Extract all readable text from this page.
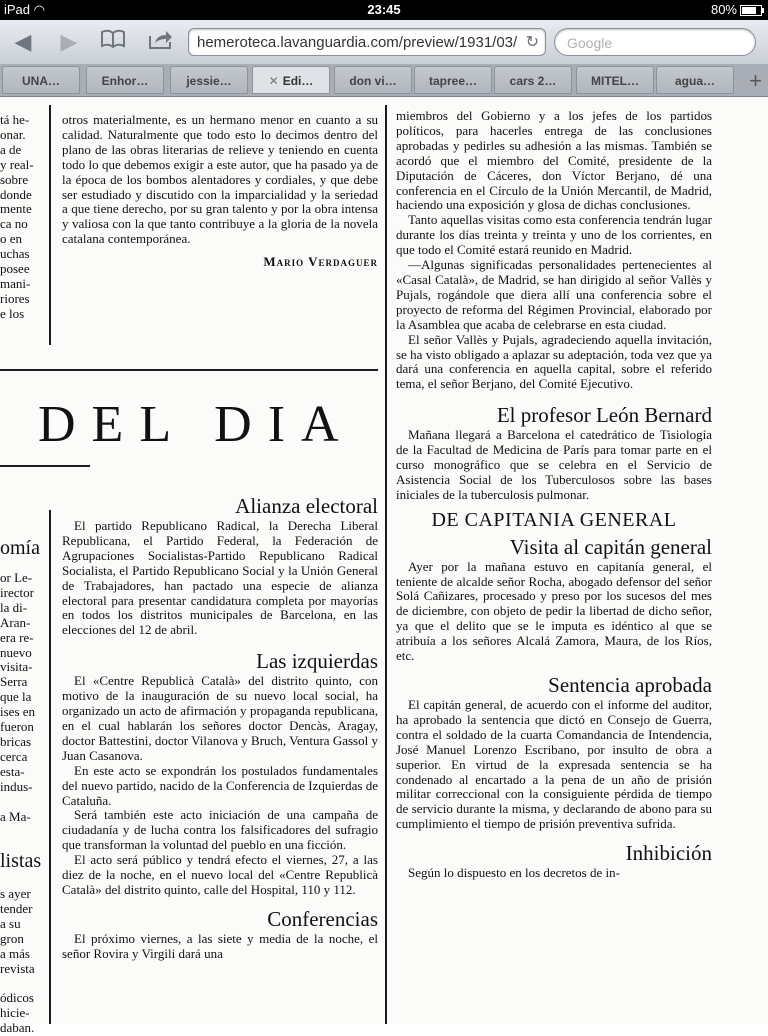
iPad ◠	23:45	80%
◀ ▶	hemeroteca.lavanguardia.com/preview/1931/03/ ↻	Google
UNA…	Enhor…	jessie…	✕ Edi…	don vi…	tapree…	cars 2…	MITEL…	agua…	+
tá he-
onar.
a de
y real-
sobre
donde
mente
ca no
o en
uchas
posee
mani-
riores
e los
omía
or Le-
irector
la di-
Aran-
era re-
nuevo
visita-
Serra
que la
ises en
fueron
bricas
cerca
esta-
indus-

a Ma-
listas
s ayer
tender
a su
gron
a más
revista

ódicos
hicie-
daban.

otros materialmente, es un hermano menor en cuanto a su calidad. Naturalmente que todo esto lo decimos dentro del plano de las obras literarias de relieve y teniendo en cuenta todo lo que debemos exigir a este autor, que ha pasado ya de la época de los bombos alentadores y cordiales, y que debe ser estudiado y discutido con la imparcialidad y la seriedad a que tiene derecho, por su gran talento y por la obra intensa y valiosa con la que tanto contribuye a la gloria de la novela catalana contemporánea.

Mario Verdaguer
DEL DIA
Alianza electoral

El partido Republicano Radical, la Derecha Liberal Republicana, el Partido Federal, la Federación de Agrupaciones Socialistas-Partido Republicano Radical Socialista, el Partido Republicano Social y la Unión General de Trabajadores, han pactado una especie de alianza electoral para presentar candidatura completa por mayorías en todos los distritos municipales de Barcelona, en las elecciones del 12 de abril.

Las izquierdas

El «Centre Republicà Català» del distrito quinto, con motivo de la inauguración de su nuevo local social, ha organizado un acto de afirmación y propaganda republicana, en el cual hablarán los señores doctor Dencàs, Aragay, doctor Battestini, doctor Vilanova y Bruch, Ventura Gassol y Juan Casanova.

En este acto se expondrán los postulados fundamentales del nuevo partido, nacido de la Conferencia de Izquierdas de Cataluña.

Será también este acto iniciación de una campaña de ciudadanía y de lucha contra los falsificadores del sufragio que transforman la voluntad del pueblo en una ficción.

El acto será público y tendrá efecto el viernes, 27, a las diez de la noche, en el nuevo local del «Centre Republicà Català» del distrito quinto, calle del Hospital, 110 y 112.

Conferencias

El próximo viernes, a las siete y media de la noche, el señor Rovira y Virgili dará una

miembros del Gobierno y a los jefes de los partidos políticos, para hacerles entrega de las conclusiones aprobadas y pedirles su adhesión a las mismas. También se acordó que el miembro del Comité, presidente de la Diputación de Cáceres, don Víctor Berjano, dé una conferencia en el Círculo de la Unión Mercantil, de Madrid, haciendo una exposición y glosa de dichas conclusiones.

Tanto aquellas visitas como esta conferencia tendrán lugar durante los días treinta y treinta y uno de los corrientes, en que todo el Comité estará reunido en Madrid.

—Algunas significadas personalidades pertenecientes al «Casal Català», de Madrid, se han dirigido al señor Vallès y Pujals, rogándole que diera allí una conferencia sobre el proyecto de reforma del Régimen Provincial, elaborado por la Asamblea que acaba de celebrarse en esta ciudad.

El señor Vallès y Pujals, agradeciendo aquella invitación, se ha visto obligado a aplazar su adeptación, toda vez que ya dará una conferencia en aquella capital, sobre el referido tema, el señor Berjano, del Comité Ejecutivo.

El profesor León Bernard

Mañana llegará a Barcelona el catedrático de Tisiología de la Facultad de Medicina de París para tomar parte en el curso monográfico que se celebra en el Servicio de Asistencia Social de los Tuberculosos sobre las bases iniciales de la tuberculosis pulmonar.

DE CAPITANIA GENERAL
Visita al capitán general

Ayer por la mañana estuvo en capitanía general, el teniente de alcalde señor Rocha, abogado defensor del señor Solá Cañizares, procesado y preso por los sucesos del mes de diciembre, con objeto de pedir la libertad de dicho señor, ya que el delito que se le imputa es idéntico al que se atribuía a los señores Alcalá Zamora, Maura, de los Ríos, etc.

Sentencia aprobada

El capitán general, de acuerdo con el informe del auditor, ha aprobado la sentencia que dictó en Consejo de Guerra, contra el soldado de la cuarta Comandancia de Intendencia, José Manuel Lorenzo Escribano, por insulto de obra a superior. En virtud de la expresada sentencia se ha condenado al encartado a la pena de un año de prisión militar correccional con la consiguiente pérdida de tiempo de servicio durante la misma, y declarando de abono para su cumplimiento el tiempo de prisión preventiva sufrida.

Inhibición

Según lo dispuesto en los decretos de in-
